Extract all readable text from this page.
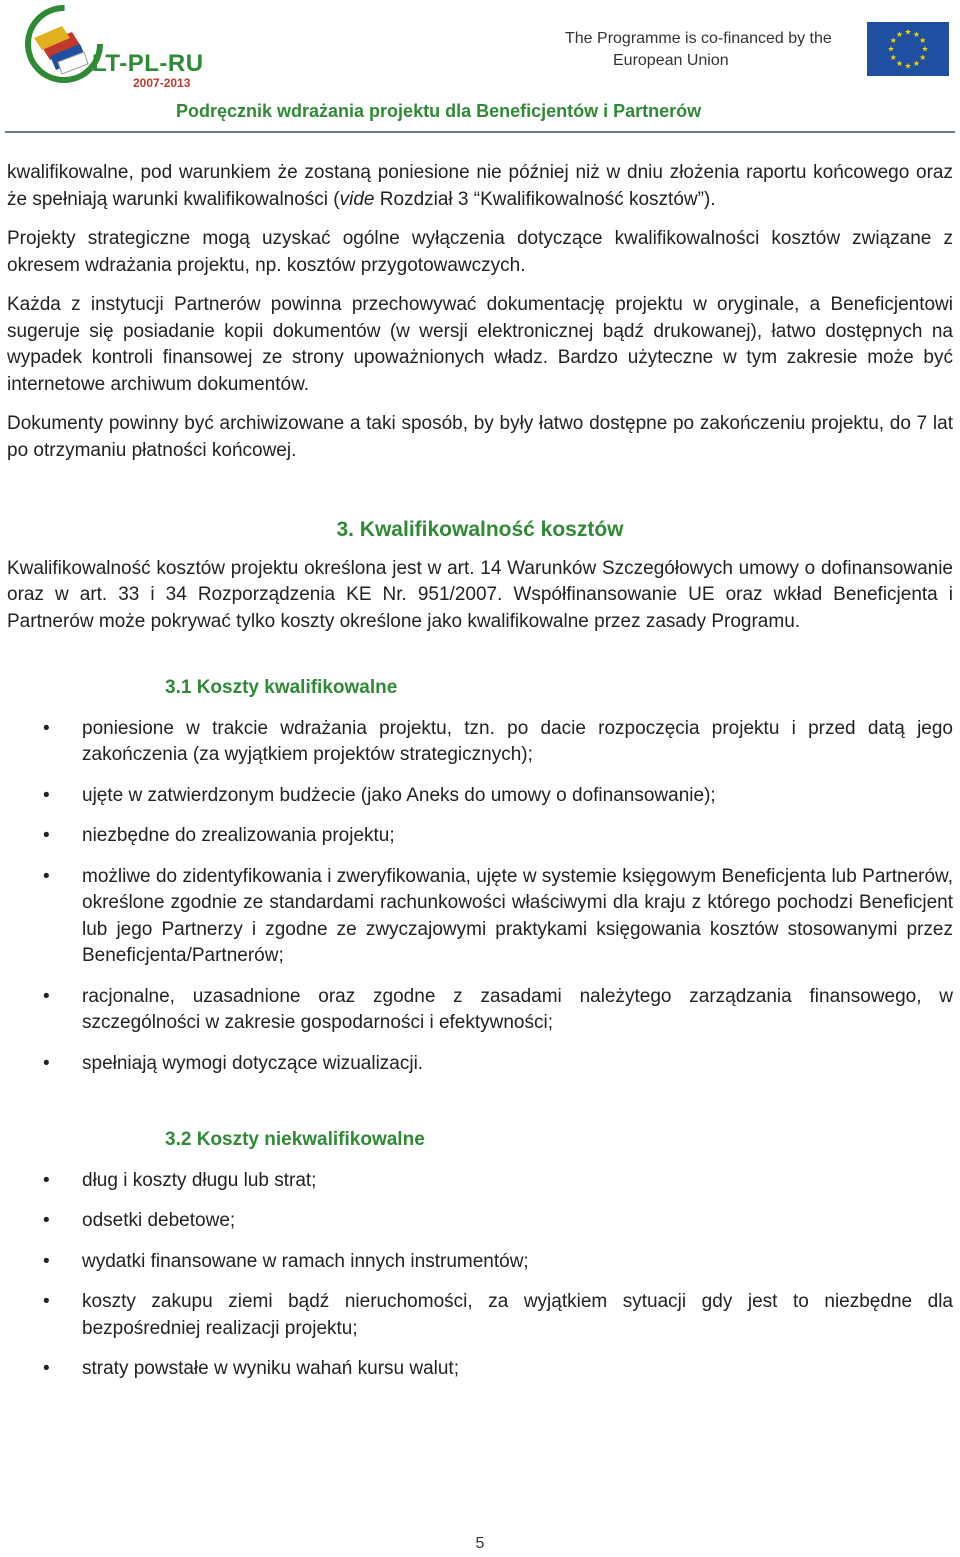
LT-PL-RU
2007-2013
The Programme is co-financed by the
European Union
★
★
★
★
★
★
★
★
★ ★ ★
★
Podręcznik wdrażania projektu dla Beneficjentów i Partnerów

kwalifikowalne, pod warunkiem że zostaną poniesione nie później niż w dniu złożenia raportu końcowego oraz że spełniają warunki kwalifikowalności (vide Rozdział 3 “Kwalifikowalność kosztów”).

Projekty strategiczne mogą uzyskać ogólne wyłączenia dotyczące kwalifikowalności kosztów związane z okresem wdrażania projektu, np. kosztów przygotowawczych.

Każda z instytucji Partnerów powinna przechowywać dokumentację projektu w oryginale, a Beneficjentowi sugeruje się posiadanie kopii dokumentów (w wersji elektronicznej bądź drukowanej), łatwo dostępnych na wypadek kontroli finansowej ze strony upoważnionych władz. Bardzo użyteczne w tym zakresie może być internetowe archiwum dokumentów.

Dokumenty powinny być archiwizowane a taki sposób, by były łatwo dostępne po zakończeniu projektu, do 7 lat po otrzymaniu płatności końcowej.

3. Kwalifikowalność kosztów

Kwalifikowalność kosztów projektu określona jest w art. 14 Warunków Szczegółowych umowy o dofinansowanie oraz w art. 33 i 34 Rozporządzenia KE Nr. 951/2007. Współfinansowanie UE oraz wkład Beneficjenta i Partnerów może pokrywać tylko koszty określone jako kwalifikowalne przez zasady Programu.

3.1 Koszty kwalifikowalne
• poniesione w trakcie wdrażania projektu, tzn. po dacie rozpoczęcia projektu i przed datą jego zakończenia (za wyjątkiem projektów strategicznych);
• ujęte w zatwierdzonym budżecie (jako Aneks do umowy o dofinansowanie);
• niezbędne do zrealizowania projektu;
• możliwe do zidentyfikowania i zweryfikowania, ujęte w systemie księgowym Beneficjenta lub Partnerów, określone zgodnie ze standardami rachunkowości właściwymi dla kraju z którego pochodzi Beneficjent lub jego Partnerzy i zgodne ze zwyczajowymi praktykami księgowania kosztów stosowanymi przez Beneficjenta/Partnerów;
• racjonalne, uzasadnione oraz zgodne z zasadami należytego zarządzania finansowego, w szczególności w zakresie gospodarności i efektywności;
• spełniają wymogi dotyczące wizualizacji.
3.2 Koszty niekwalifikowalne
• dług i koszty długu lub strat;
• odsetki debetowe;
• wydatki finansowane w ramach innych instrumentów;
• koszty zakupu ziemi bądź nieruchomości, za wyjątkiem sytuacji gdy jest to niezbędne dla bezpośredniej realizacji projektu;
• straty powstałe w wyniku wahań kursu walut;
5
